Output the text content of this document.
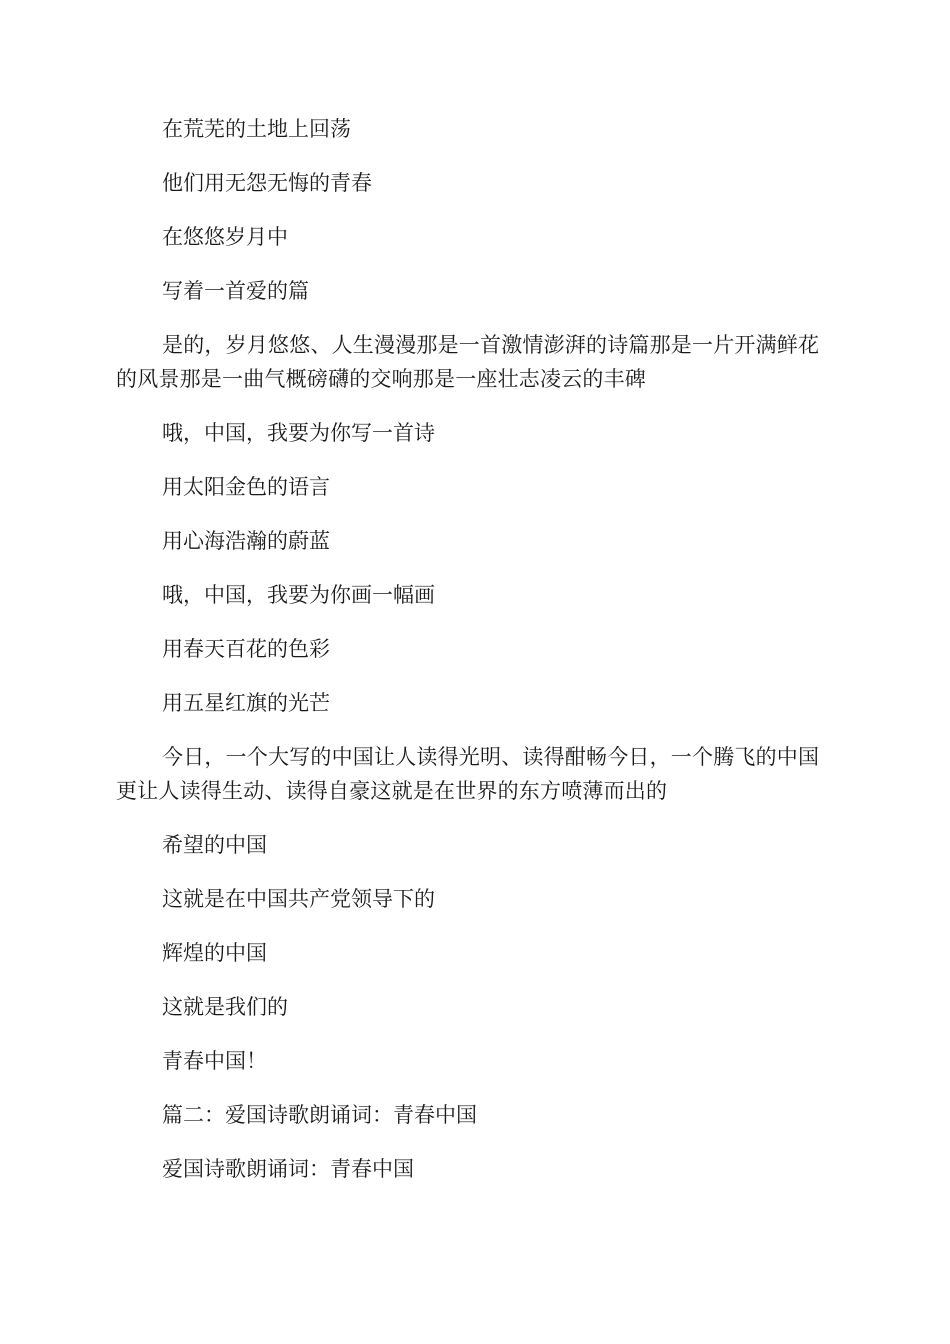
在荒芜的土地上回荡

他们用无怨无悔的青春

在悠悠岁月中

写着一首爱的篇

是的，岁月悠悠、人生漫漫那是一首激情澎湃的诗篇那是一片开满鲜花的风景那是一曲气概磅礴的交响那是一座壮志凌云的丰碑

哦，中国，我要为你写一首诗

用太阳金色的语言

用心海浩瀚的蔚蓝

哦，中国，我要为你画一幅画

用春天百花的色彩

用五星红旗的光芒

今日，一个大写的中国让人读得光明、读得酣畅今日，一个腾飞的中国更让人读得生动、读得自豪这就是在世界的东方喷薄而出的

希望的中国

这就是在中国共产党领导下的

辉煌的中国

这就是我们的

青春中国！

篇二：爱国诗歌朗诵词：青春中国

爱国诗歌朗诵词：青春中国
